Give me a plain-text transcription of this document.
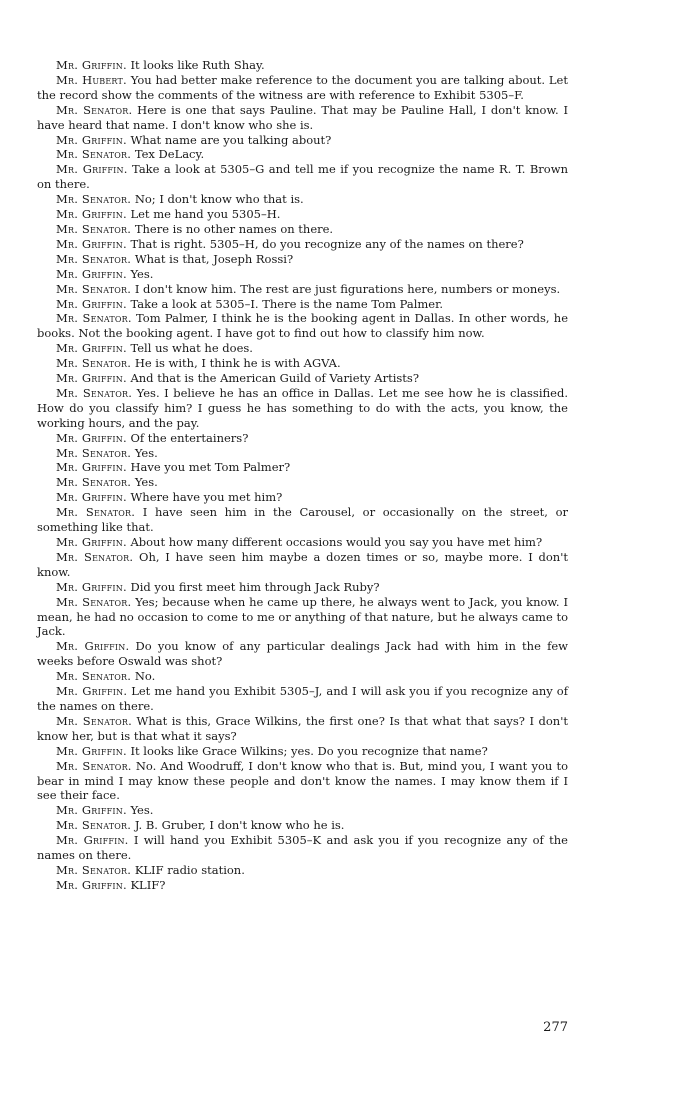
Mr. Griffin. It looks like Ruth Shay.

Mr. Hubert. You had better make reference to the document you are talking about. Let the record show the comments of the witness are with reference to Exhibit 5305–F.

Mr. Senator. Here is one that says Pauline. That may be Pauline Hall, I don't know. I have heard that name. I don't know who she is.

Mr. Griffin. What name are you talking about?

Mr. Senator. Tex DeLacy.

Mr. Griffin. Take a look at 5305–G and tell me if you recognize the name R. T. Brown on there.

Mr. Senator. No; I don't know who that is.

Mr. Griffin. Let me hand you 5305–H.

Mr. Senator. There is no other names on there.

Mr. Griffin. That is right. 5305–H, do you recognize any of the names on there?

Mr. Senator. What is that, Joseph Rossi?

Mr. Griffin. Yes.

Mr. Senator. I don't know him. The rest are just figurations here, numbers or moneys.

Mr. Griffin. Take a look at 5305–I. There is the name Tom Palmer.

Mr. Senator. Tom Palmer, I think he is the booking agent in Dallas. In other words, he books. Not the booking agent. I have got to find out how to classify him now.

Mr. Griffin. Tell us what he does.

Mr. Senator. He is with, I think he is with AGVA.

Mr. Griffin. And that is the American Guild of Variety Artists?

Mr. Senator. Yes. I believe he has an office in Dallas. Let me see how he is classified. How do you classify him? I guess he has something to do with the acts, you know, the working hours, and the pay.

Mr. Griffin. Of the entertainers?

Mr. Senator. Yes.

Mr. Griffin. Have you met Tom Palmer?

Mr. Senator. Yes.

Mr. Griffin. Where have you met him?

Mr. Senator. I have seen him in the Carousel, or occasionally on the street, or something like that.

Mr. Griffin. About how many different occasions would you say you have met him?

Mr. Senator. Oh, I have seen him maybe a dozen times or so, maybe more. I don't know.

Mr. Griffin. Did you first meet him through Jack Ruby?

Mr. Senator. Yes; because when he came up there, he always went to Jack, you know. I mean, he had no occasion to come to me or anything of that nature, but he always came to Jack.

Mr. Griffin. Do you know of any particular dealings Jack had with him in the few weeks before Oswald was shot?

Mr. Senator. No.

Mr. Griffin. Let me hand you Exhibit 5305–J, and I will ask you if you recognize any of the names on there.

Mr. Senator. What is this, Grace Wilkins, the first one? Is that what that says? I don't know her, but is that what it says?

Mr. Griffin. It looks like Grace Wilkins; yes. Do you recognize that name?

Mr. Senator. No. And Woodruff, I don't know who that is. But, mind you, I want you to bear in mind I may know these people and don't know the names. I may know them if I see their face.

Mr. Griffin. Yes.

Mr. Senator. J. B. Gruber, I don't know who he is.

Mr. Griffin. I will hand you Exhibit 5305–K and ask you if you recognize any of the names on there.

Mr. Senator. KLIF radio station.

Mr. Griffin. KLIF?

277
